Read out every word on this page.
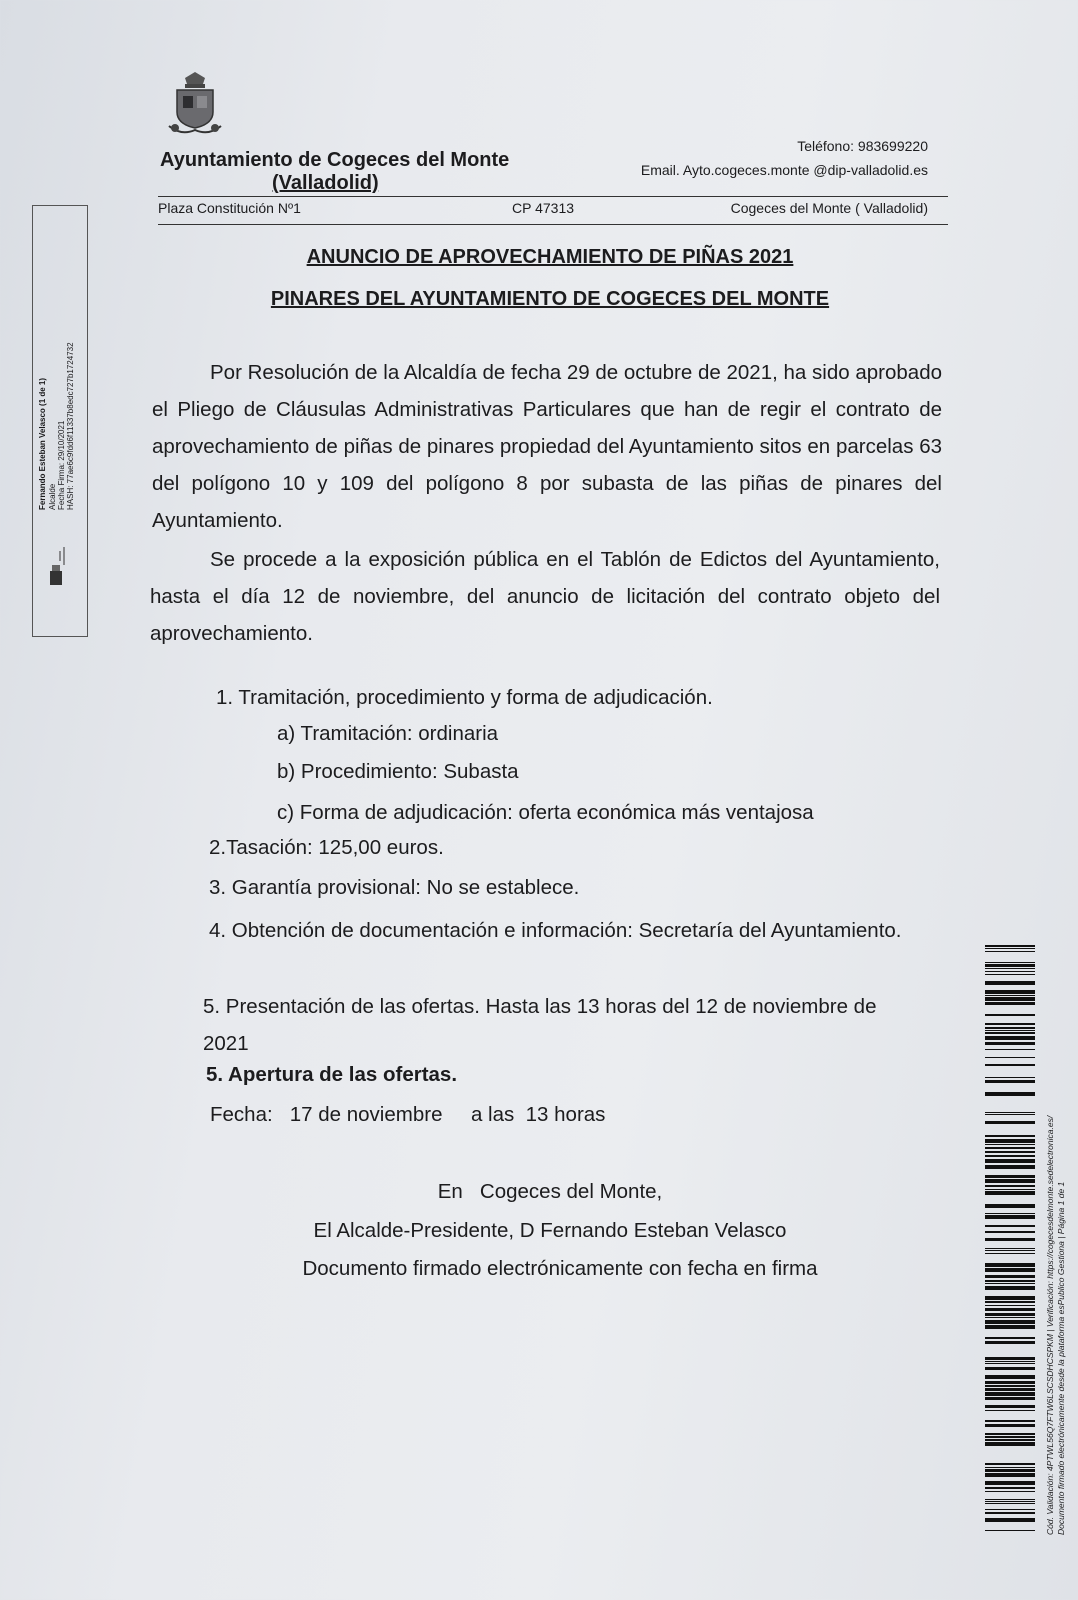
Ayuntamiento de Cogeces del Monte
(Valladolid)
Teléfono: 983699220
Email. Ayto.cogeces.monte @dip-valladolid.es
Plaza Constitución Nº1	CP 47313	Cogeces del Monte ( Valladolid)
ANUNCIO DE APROVECHAMIENTO DE PIÑAS 2021
PINARES DEL AYUNTAMIENTO DE COGECES DEL MONTE

Por Resolución de la Alcaldía de fecha 29 de octubre de 2021, ha sido aprobado el Pliego de Cláusulas Administrativas Particulares que han de regir el contrato de aprovechamiento de piñas de pinares propiedad del Ayuntamiento sitos en parcelas 63 del polígono 10 y 109 del polígono 8 por subasta de las piñas de pinares del Ayuntamiento.

Se procede a la exposición pública en el Tablón de Edictos del Ayuntamiento, hasta el día 12 de noviembre, del anuncio de licitación del contrato objeto del aprovechamiento.

1. Tramitación, procedimiento y forma de adjudicación.
a) Tramitación: ordinaria
b) Procedimiento: Subasta
c) Forma de adjudicación: oferta económica más ventajosa
2.Tasación: 125,00 euros.
3. Garantía provisional: No se establece.
4. Obtención de documentación e información: Secretaría del Ayuntamiento.
5. Presentación de las ofertas. Hasta las 13 horas del 12 de noviembre de 2021
5. Apertura de las ofertas.
Fecha:   17 de noviembre     a las  13 horas
En   Cogeces del Monte,
El Alcalde-Presidente, D Fernando Esteban Velasco
Documento firmado electrónicamente con fecha en firma
Fernando Esteban Velasco (1 de 1) Alcalde Fecha Firma: 29/10/2021 HASH: 77ae6c9fdd6f11337b8edc727b1724732
Cód. Validación: 4PTWL56Q7FTW6LSCSDHCSPKM | Verificación: https://cogecesdelmonte.sedelectronica.es/ Documento firmado electrónicamente desde la plataforma esPublico Gestiona | Página 1 de 1
